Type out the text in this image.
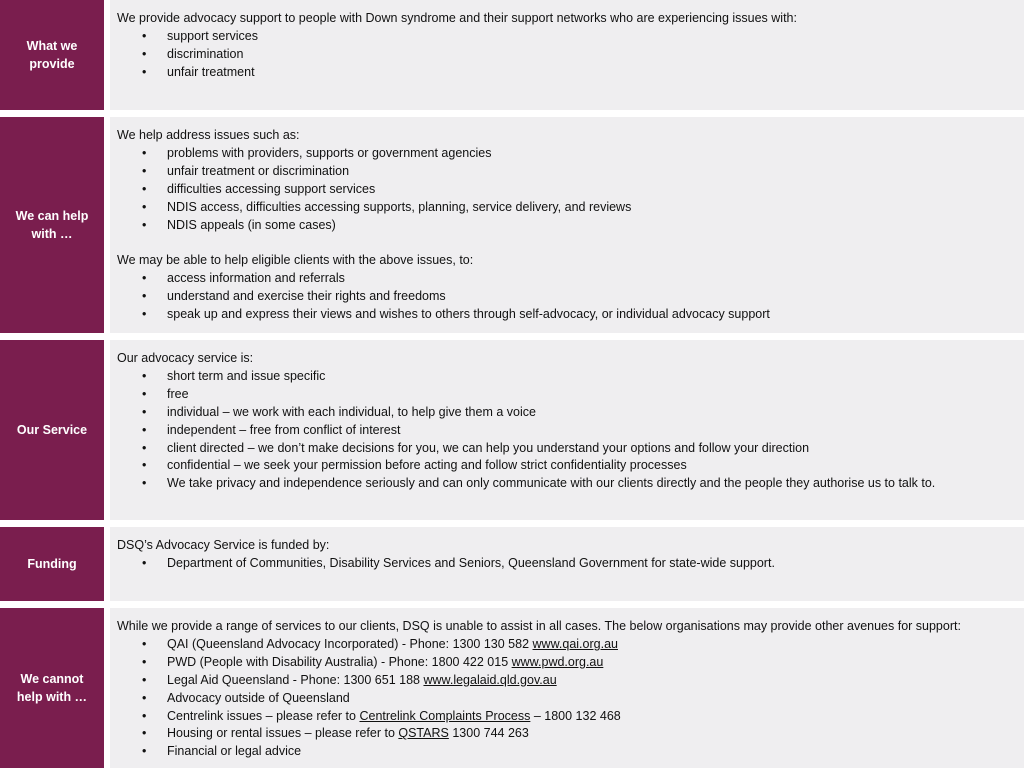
What we provide

We provide advocacy support to people with Down syndrome and their support networks who are experiencing issues with:

• support services
• discrimination
• unfair treatment
We can help with …

We help address issues such as:

• problems with providers, supports or government agencies
• unfair treatment or discrimination
• difficulties accessing support services
• NDIS access, difficulties accessing supports, planning, service delivery, and reviews
• NDIS appeals (in some cases)

We may be able to help eligible clients with the above issues, to:

• access information and referrals
• understand and exercise their rights and freedoms
• speak up and express their views and wishes to others through self-advocacy, or individual advocacy support
Our Service

Our advocacy service is:

• short term and issue specific
• free
• individual – we work with each individual, to help give them a voice
• independent – free from conflict of interest
• client directed – we don’t make decisions for you, we can help you understand your options and follow your direction
• confidential – we seek your permission before acting and follow strict confidentiality processes
• We take privacy and independence seriously and can only communicate with our clients directly and the people they authorise us to talk to.
Funding

DSQ’s Advocacy Service is funded by:

• Department of Communities, Disability Services and Seniors, Queensland Government for state-wide support.
We cannot help with …

While we provide a range of services to our clients, DSQ is unable to assist in all cases. The below organisations may provide other avenues for support:

• QAI (Queensland Advocacy Incorporated) - Phone: 1300 130 582 www.qai.org.au
• PWD (People with Disability Australia) - Phone: 1800 422 015 www.pwd.org.au
• Legal Aid Queensland - Phone: 1300 651 188 www.legalaid.qld.gov.au
• Advocacy outside of Queensland
• Centrelink issues – please refer to Centrelink Complaints Process – 1800 132 468
• Housing or rental issues – please refer to QSTARS 1300 744 263
• Financial or legal advice
